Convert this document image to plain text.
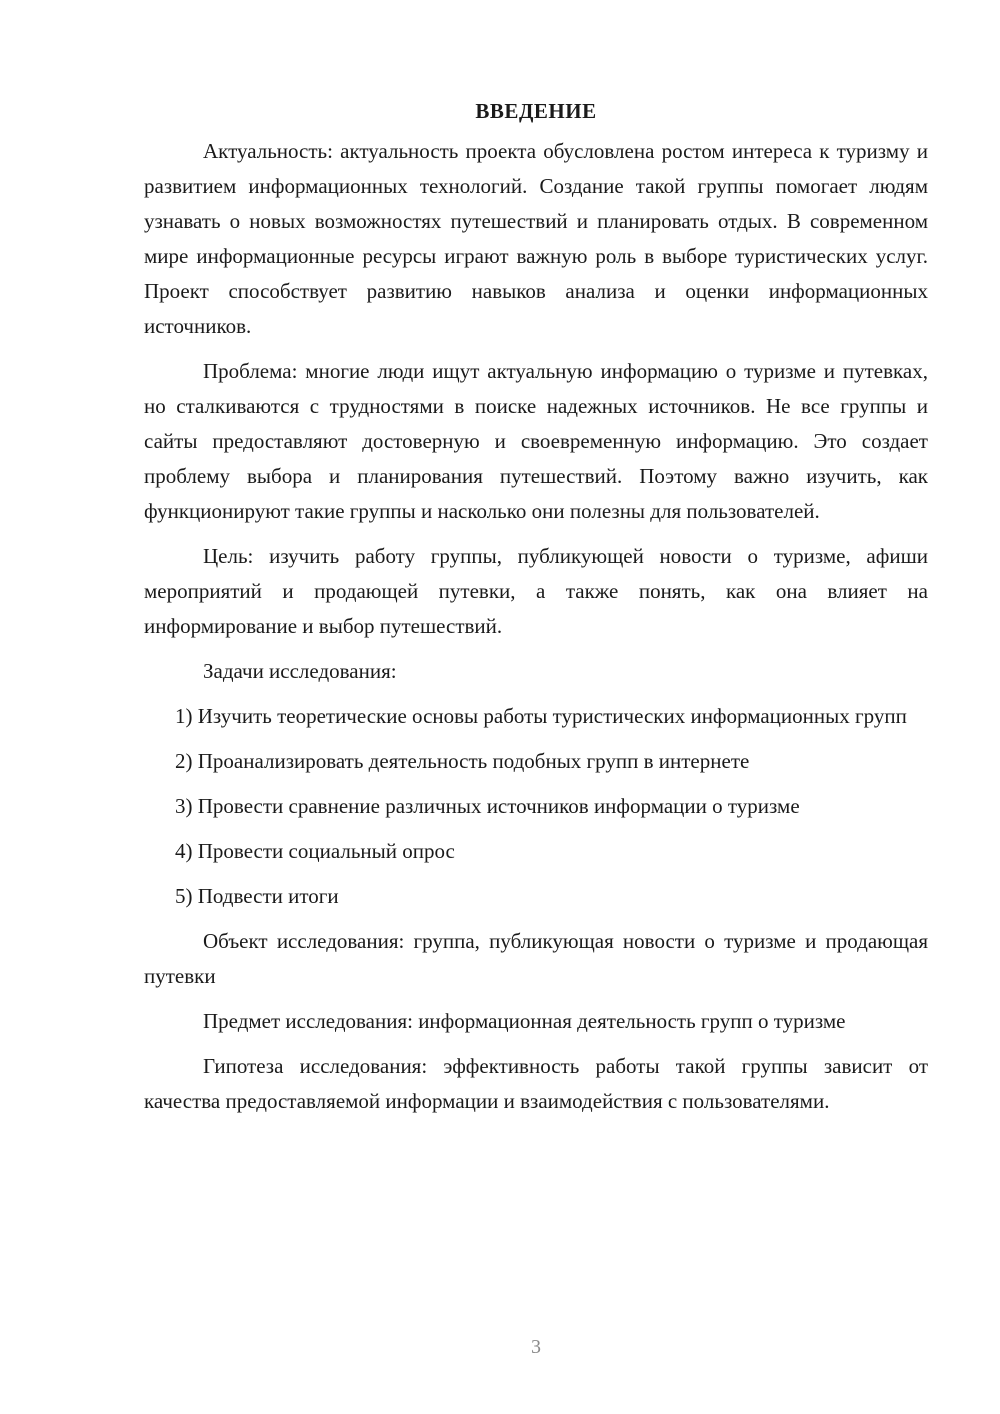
ВВЕДЕНИЕ

Актуальность: актуальность проекта обусловлена ростом интереса к туризму и развитием информационных технологий. Создание такой группы помогает людям узнавать о новых возможностях путешествий и планировать отдых. В современном мире информационные ресурсы играют важную роль в выборе туристических услуг. Проект способствует развитию навыков анализа и оценки информационных источников.

Проблема: многие люди ищут актуальную информацию о туризме и путевках, но сталкиваются с трудностями в поиске надежных источников. Не все группы и сайты предоставляют достоверную и своевременную информацию. Это создает проблему выбора и планирования путешествий. Поэтому важно изучить, как функционируют такие группы и насколько они полезны для пользователей.

Цель: изучить работу группы, публикующей новости о туризме, афиши мероприятий и продающей путевки, а также понять, как она влияет на информирование и выбор путешествий.

Задачи исследования:

1) Изучить теоретические основы работы туристических информационных групп

2) Проанализировать деятельность подобных групп в интернете

3) Провести сравнение различных источников информации о туризме

4) Провести социальный опрос

5) Подвести итоги

Объект исследования: группа, публикующая новости о туризме и продающая путевки

Предмет исследования: информационная деятельность групп о туризме

Гипотеза исследования: эффективность работы такой группы зависит от качества предоставляемой информации и взаимодействия с пользователями.

3
